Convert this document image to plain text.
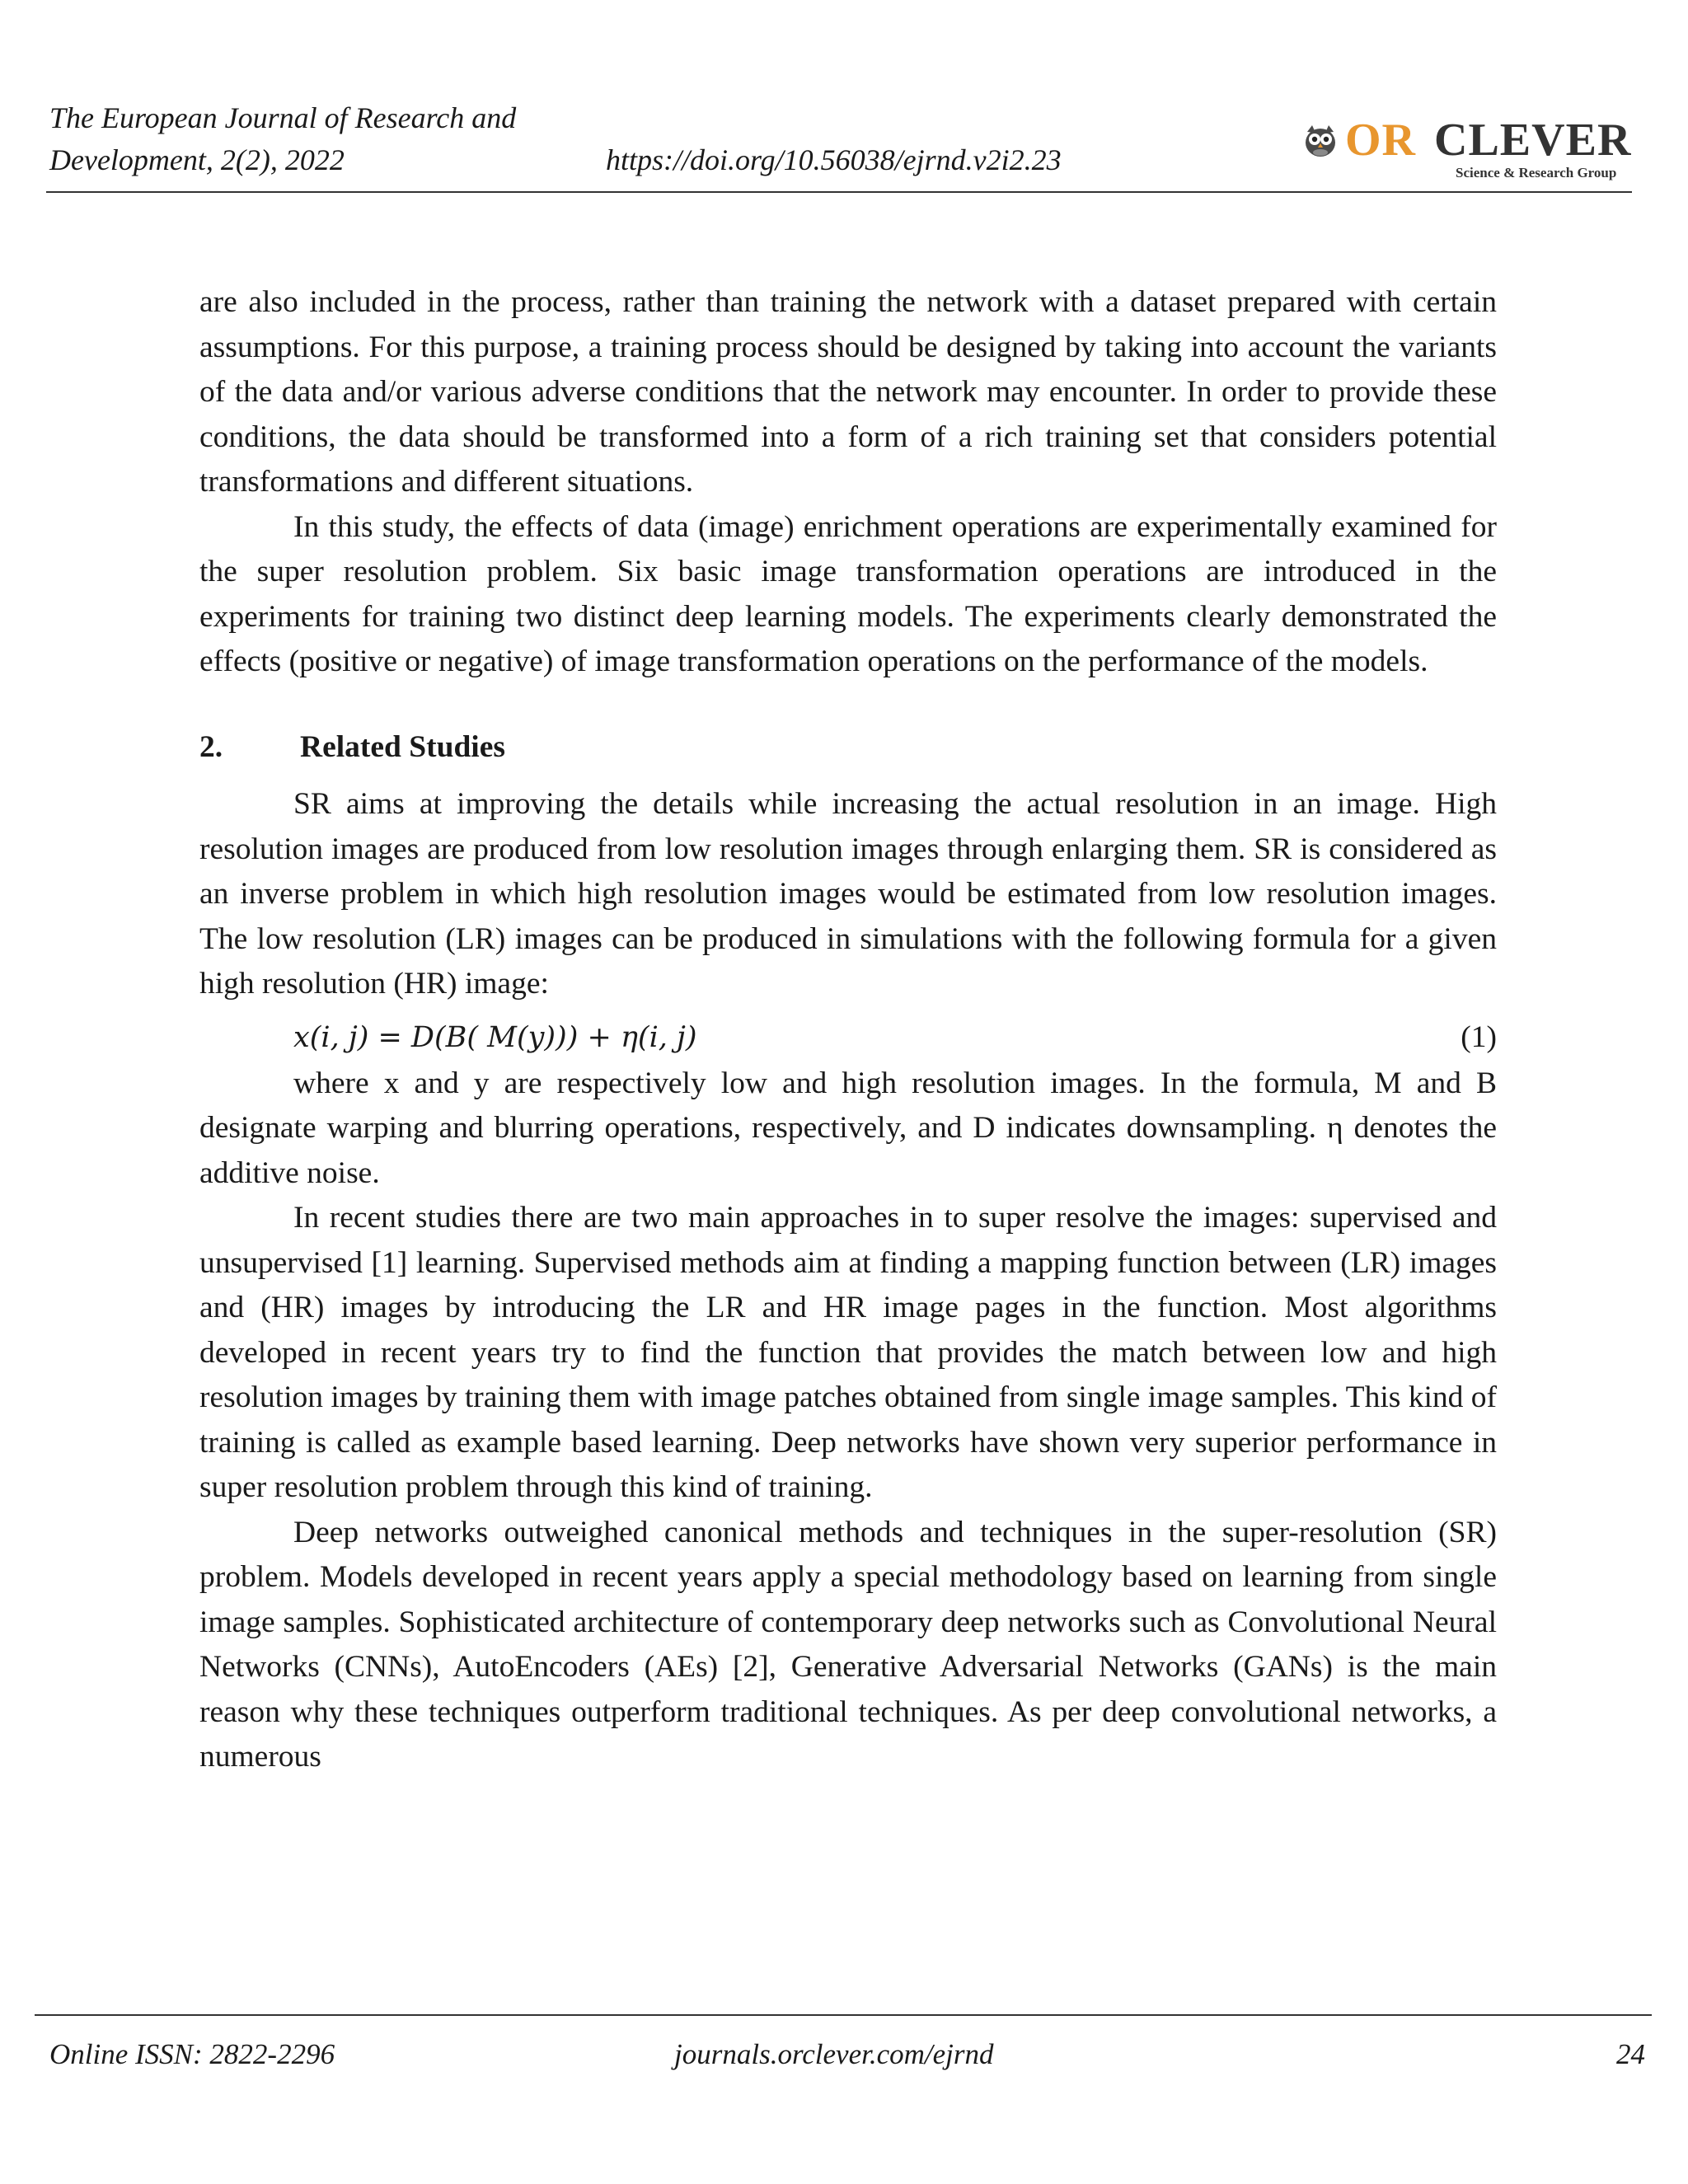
The European Journal of Research and
Development, 2(2), 2022	https://doi.org/10.56038/ejrnd.v2i2.23	OR CLEVER
Science & Research Group

are also included in the process, rather than training the network with a dataset prepared with certain assumptions. For this purpose, a training process should be designed by taking into account the variants of the data and/or various adverse conditions that the network may encounter. In order to provide these conditions, the data should be transformed into a form of a rich training set that considers potential transformations and different situations.

In this study, the effects of data (image) enrichment operations are experimentally examined for the super resolution problem. Six basic image transformation operations are introduced in the experiments for training two distinct deep learning models. The experiments clearly demonstrated the effects (positive or negative) of image transformation operations on the performance of the models.

2.	Related Studies

SR aims at improving the details while increasing the actual resolution in an image. High resolution images are produced from low resolution images through enlarging them. SR is considered as an inverse problem in which high resolution images would be estimated from low resolution images. The low resolution (LR) images can be produced in simulations with the following formula for a given high resolution (HR) image:

x(i, j) = D(B( M(y))) + η(i, j)	(1)

where x and y are respectively low and high resolution images. In the formula, M and B designate warping and blurring operations, respectively, and D indicates downsampling. η denotes the additive noise.

In recent studies there are two main approaches in to super resolve the images: supervised and unsupervised [1] learning. Supervised methods aim at finding a mapping function between (LR) images and (HR) images by introducing the LR and HR image pages in the function. Most algorithms developed in recent years try to find the function that provides the match between low and high resolution images by training them with image patches obtained from single image samples. This kind of training is called as example based learning. Deep networks have shown very superior performance in super resolution problem through this kind of training.

Deep networks outweighed canonical methods and techniques in the super-resolution (SR) problem. Models developed in recent years apply a special methodology based on learning from single image samples. Sophisticated architecture of contemporary deep networks such as Convolutional Neural Networks (CNNs), AutoEncoders (AEs) [2], Generative Adversarial Networks (GANs) is the main reason why these techniques outperform traditional techniques. As per deep convolutional networks, a numerous

Online ISSN: 2822-2296	journals.orclever.com/ejrnd	24
